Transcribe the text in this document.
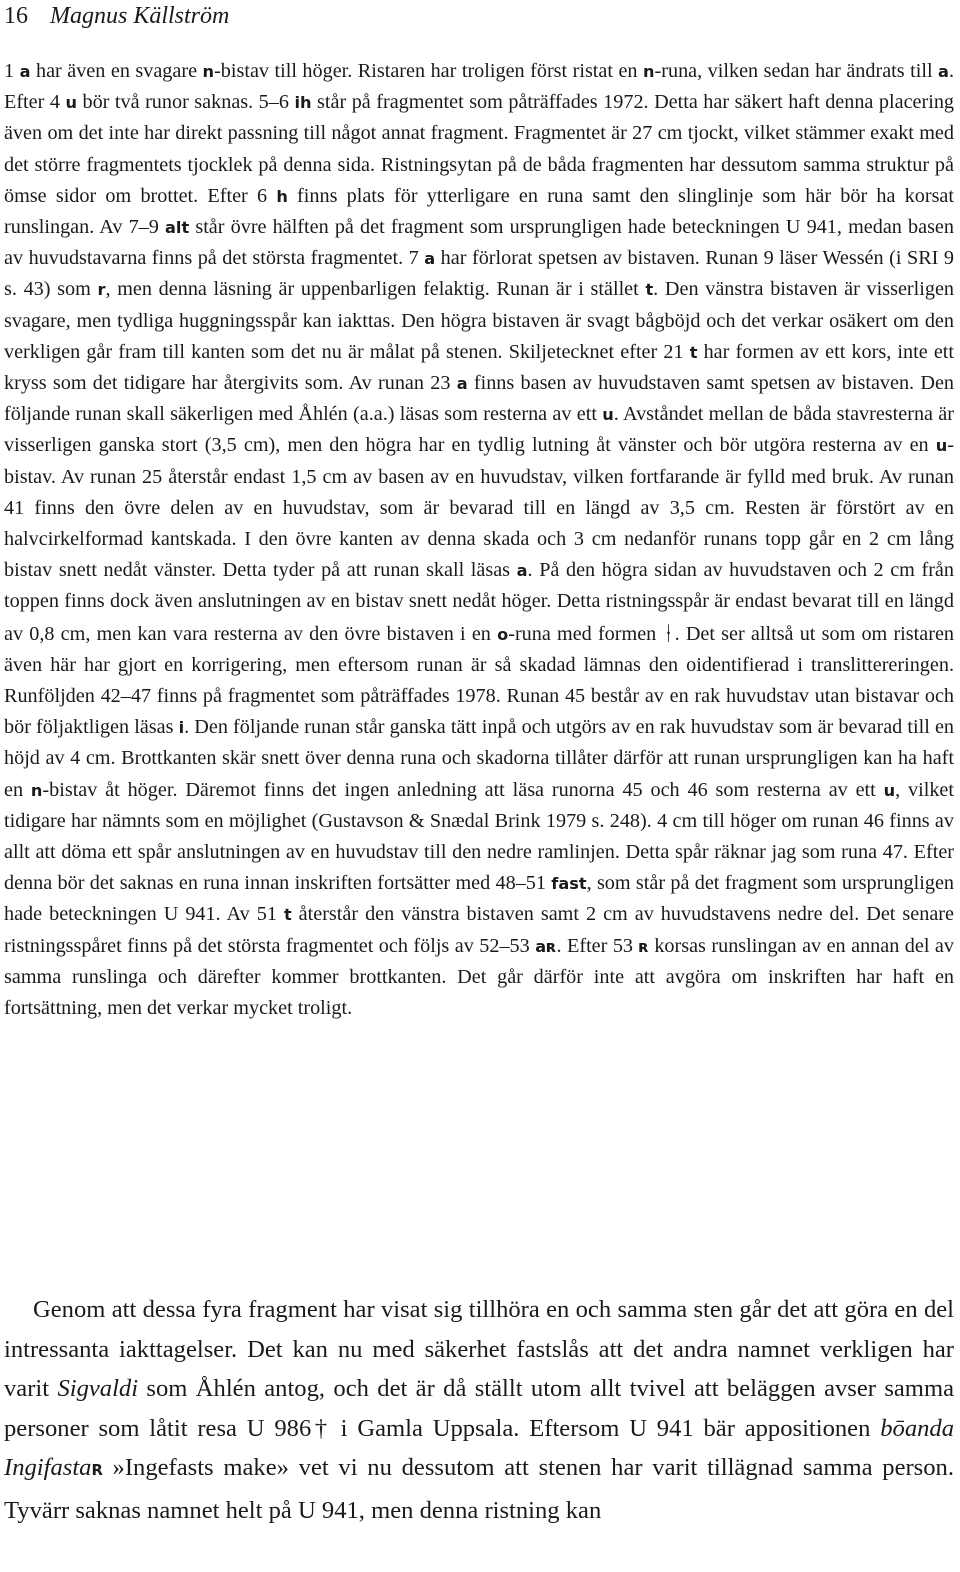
16 Magnus Källström
1 a har även en svagare n-bistav till höger. Ristaren har troligen först ristat en n-runa, vilken sedan har ändrats till a. Efter 4 u bör två runor saknas. 5–6 ih står på fragmentet som påträffades 1972. Detta har säkert haft denna placering även om det inte har direkt passning till något annat fragment. Fragmentet är 27 cm tjockt, vilket stämmer exakt med det större fragmentets tjocklek på denna sida. Ristningsytan på de båda fragmenten har dessutom samma struktur på ömse sidor om brottet. Efter 6 h finns plats för ytterligare en runa samt den slinglinje som här bör ha korsat runslingan. Av 7–9 alt står övre hälften på det fragment som ursprungligen hade beteckningen U 941, medan basen av huvudstavarna finns på det största fragmentet. 7 a har förlorat spetsen av bistaven. Runan 9 läser Wessén (i SRI 9 s. 43) som r, men denna läsning är uppenbarligen felaktig. Runan är i stället t. Den vänstra bistaven är visserligen svagare, men tydliga huggningsspår kan iakttas. Den högra bistaven är svagt bågböjd och det verkar osäkert om den verkligen går fram till kanten som det nu är målat på stenen. Skiljetecknet efter 21 t har formen av ett kors, inte ett kryss som det tidigare har återgivits som. Av runan 23 a finns basen av huvudstaven samt spetsen av bistaven. Den följande runan skall säkerligen med Åhlén (a.a.) läsas som resterna av ett u. Avståndet mellan de båda stavresterna är visserligen ganska stort (3,5 cm), men den högra har en tydlig lutning åt vänster och bör utgöra resterna av en u-bistav. Av runan 25 återstår endast 1,5 cm av basen av en huvudstav, vilken fortfarande är fylld med bruk. Av runan 41 finns den övre delen av en huvudstav, som är bevarad till en längd av 3,5 cm. Resten är förstört av en halvcirkelformad kantskada. I den övre kanten av denna skada och 3 cm nedanför runans topp går en 2 cm lång bistav snett nedåt vänster. Detta tyder på att runan skall läsas a. På den högra sidan av huvudstaven och 2 cm från toppen finns dock även anslutningen av en bistav snett nedåt höger. Detta ristningsspår är endast bevarat till en längd av 0,8 cm, men kan vara resterna av den övre bistaven i en o-runa med formen ᚽ. Det ser alltså ut som om ristaren även här har gjort en korrigering, men eftersom runan är så skadad lämnas den oidentifierad i translittereringen. Runföljden 42–47 finns på fragmentet som påträffades 1978. Runan 45 består av en rak huvudstav utan bistavar och bör följaktligen läsas i. Den följande runan står ganska tätt inpå och utgörs av en rak huvudstav som är bevarad till en höjd av 4 cm. Brottkanten skär snett över denna runa och skadorna tillåter därför att runan ursprungligen kan ha haft en n-bistav åt höger. Däremot finns det ingen anledning att läsa runorna 45 och 46 som resterna av ett u, vilket tidigare har nämnts som en möjlighet (Gustavson & Snædal Brink 1979 s. 248). 4 cm till höger om runan 46 finns av allt att döma ett spår anslutningen av en huvudstav till den nedre ramlinjen. Detta spår räknar jag som runa 47. Efter denna bör det saknas en runa innan inskriften fortsätter med 48–51 fast, som står på det fragment som ursprungligen hade beteckningen U 941. Av 51 t återstår den vänstra bistaven samt 2 cm av huvudstavens nedre del. Det senare ristningsspåret finns på det största fragmentet och följs av 52–53 aʀ. Efter 53 ʀ korsas runslingan av en annan del av samma runslinga och därefter kommer brottkanten. Det går därför inte att avgöra om inskriften har haft en fortsättning, men det verkar mycket troligt.
Genom att dessa fyra fragment har visat sig tillhöra en och samma sten går det att göra en del intressanta iakttagelser. Det kan nu med säkerhet fastslås att det andra namnet verkligen har varit Sigvaldi som Åhlén antog, och det är då ställt utom allt tvivel att beläggen avser samma personer som låtit resa U 986† i Gamla Uppsala. Eftersom U 941 bär appositionen bōanda IngifastaR »Ingefasts make» vet vi nu dessutom att stenen har varit tillägnad samma person. Tyvärr saknas namnet helt på U 941, men denna ristning kan
